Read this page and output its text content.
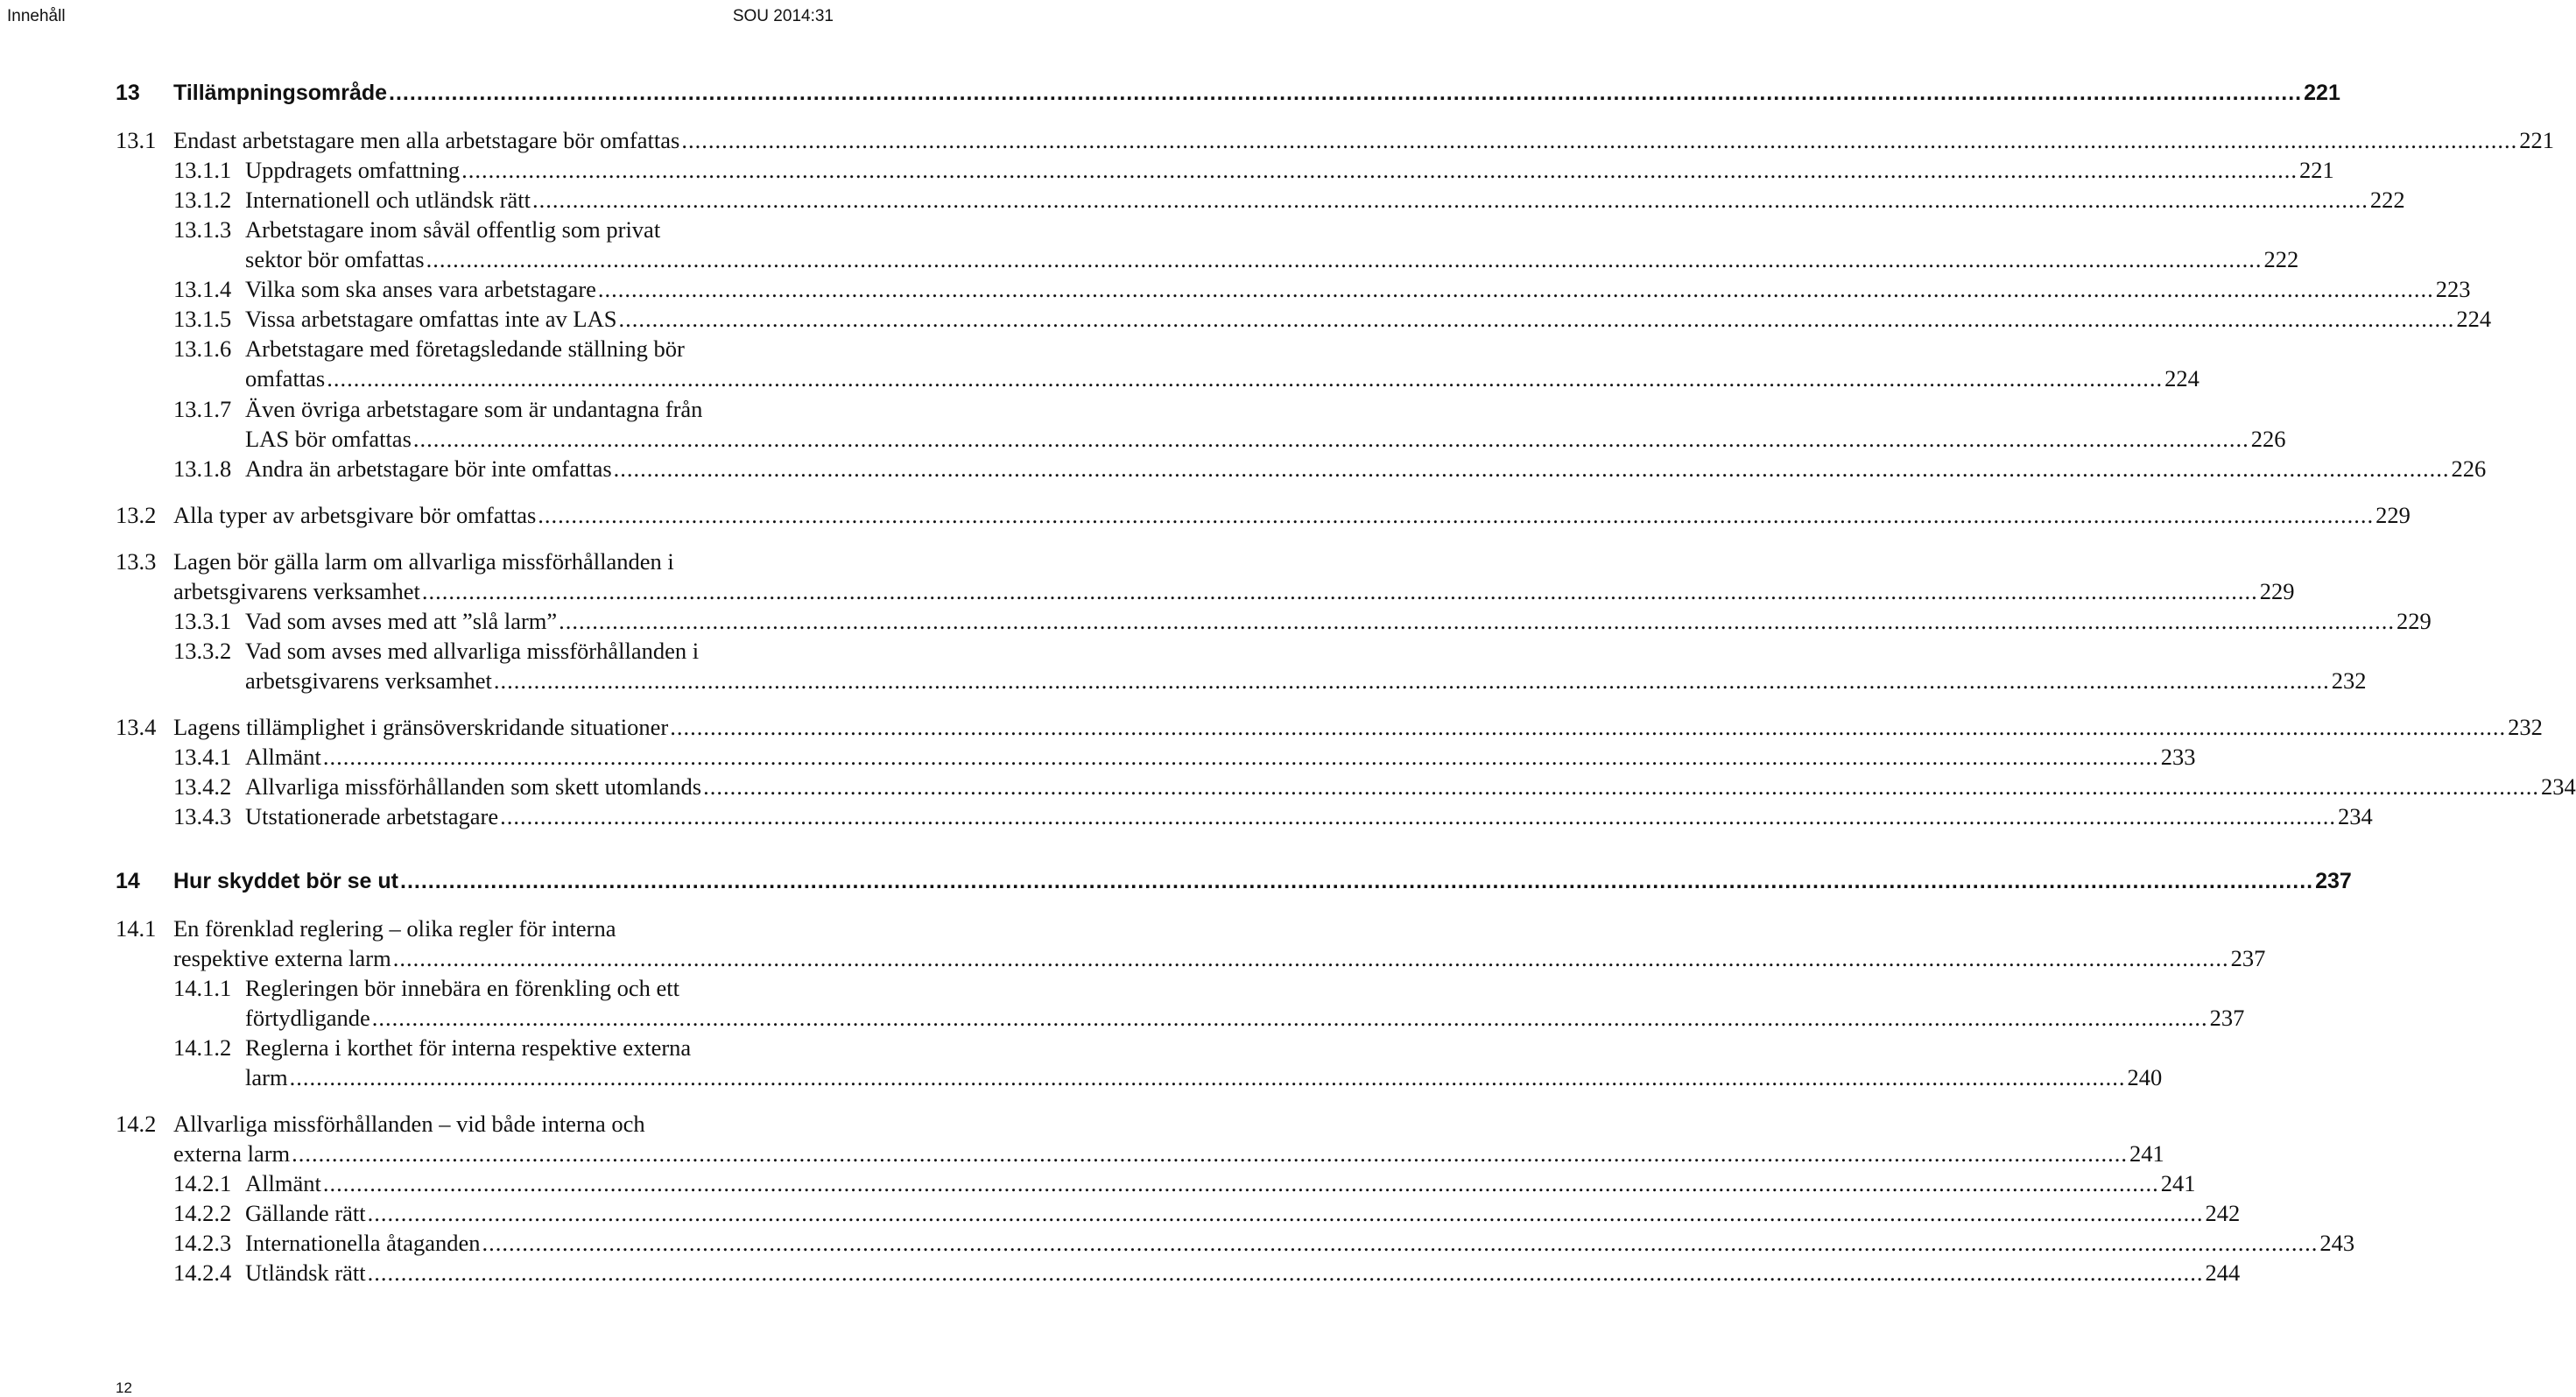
Innehåll	SOU 2014:31
13	Tillämpningsområde .....	221
13.1 Endast arbetstagare men alla arbetstagare bör omfattas .....	221
13.1.1 Uppdragets omfattning .....	221
13.1.2 Internationell och utländsk rätt .....	222
13.1.3 Arbetstagare inom såväl offentlig som privat
sektor bör omfattas .....	222
13.1.4 Vilka som ska anses vara arbetstagare .....	223
13.1.5 Vissa arbetstagare omfattas inte av LAS .....	224
13.1.6 Arbetstagare med företagsledande ställning bör
omfattas .....	224
13.1.7 Även övriga arbetstagare som är undantagna från
LAS bör omfattas .....	226
13.1.8 Andra än arbetstagare bör inte omfattas .....	226
13.2 Alla typer av arbetsgivare bör omfattas .....	229
13.3 Lagen bör gälla larm om allvarliga missförhållanden i
arbetsgivarens verksamhet .....	229
13.3.1 Vad som avses med att ”slå larm” .....	229
13.3.2 Vad som avses med allvarliga missförhållanden i
arbetsgivarens verksamhet .....	232
13.4 Lagens tillämplighet i gränsöverskridande situationer .....	232
13.4.1 Allmänt .....	233
13.4.2 Allvarliga missförhållanden som skett utomlands .....	234
13.4.3 Utstationerade arbetstagare .....	234
14	Hur skyddet bör se ut .....	237
14.1 En förenklad reglering – olika regler för interna
respektive externa larm .....	237
14.1.1 Regleringen bör innebära en förenkling och ett
förtydligande .....	237
14.1.2 Reglerna i korthet för interna respektive externa
larm .....	240
14.2 Allvarliga missförhållanden – vid både interna och
externa larm .....	241
14.2.1 Allmänt .....	241
14.2.2 Gällande rätt .....	242
14.2.3 Internationella åtaganden .....	243
14.2.4 Utländsk rätt .....	244
12
